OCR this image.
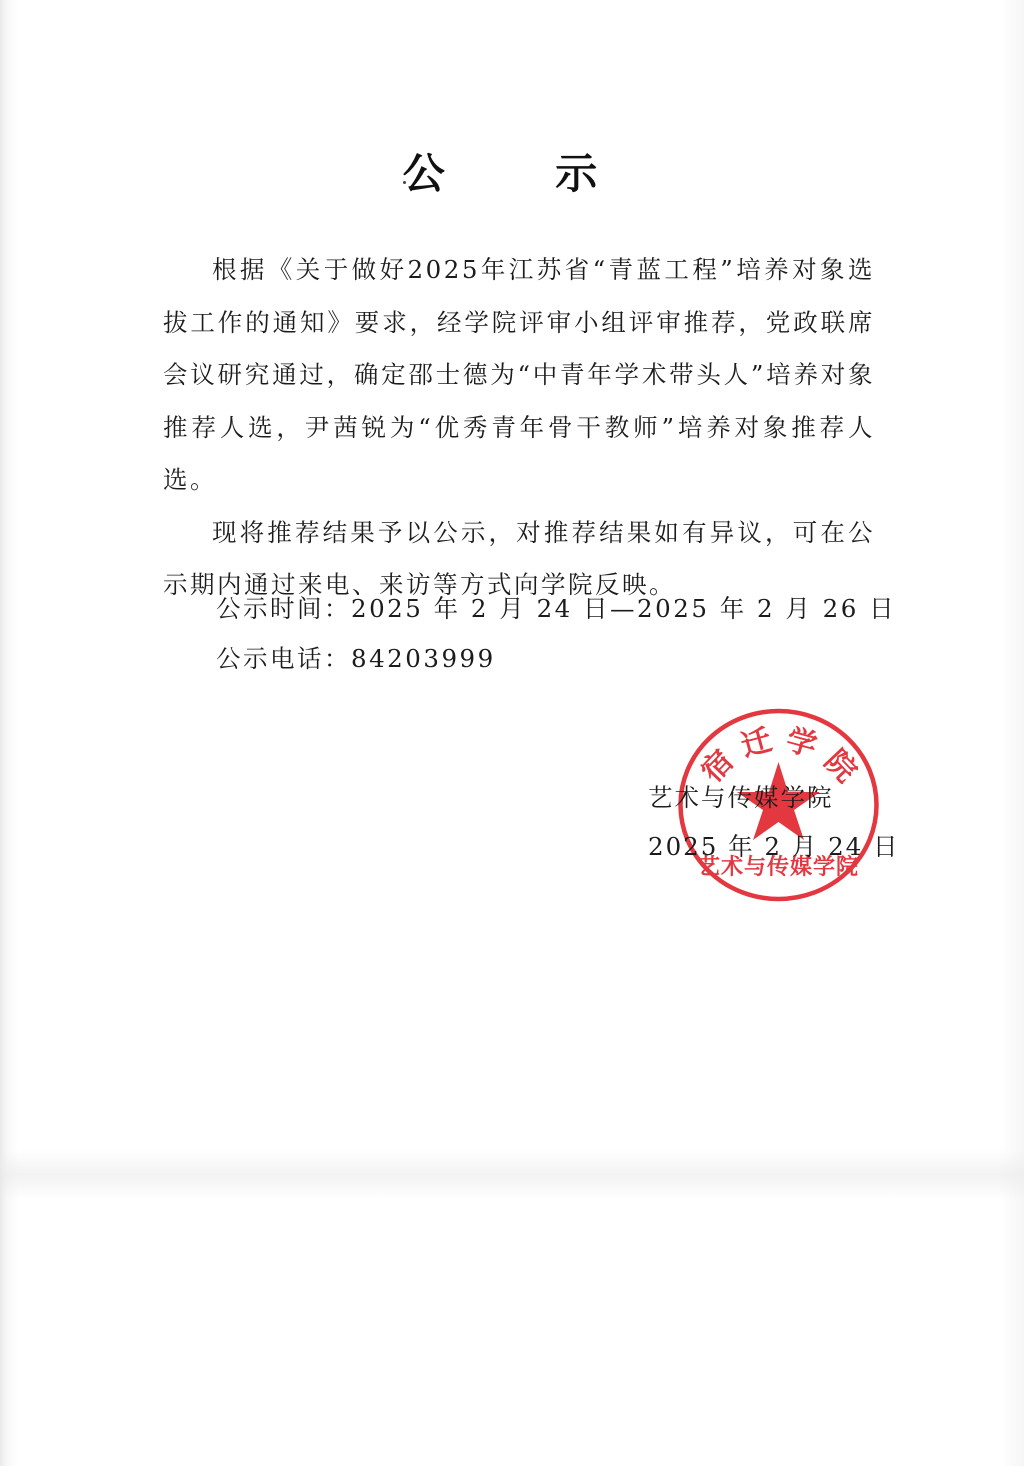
公 示

根据《关于做好2025年江苏省“青蓝工程”培养对象选拔工作的通知》要求，经学院评审小组评审推荐，党政联席会议研究通过，确定邵士德为“中青年学术带头人”培养对象推荐人选，尹茜锐为“优秀青年骨干教师”培养对象推荐人选。

现将推荐结果予以公示，对推荐结果如有异议，可在公示期内通过来电、来访等方式向学院反映。

公示时间：2025 年 2 月 24 日—2025 年 2 月 26 日
公示电话：84203999
宿 迁 学 院
艺术与传媒学院
艺术与传媒学院
2025 年 2 月 24 日
